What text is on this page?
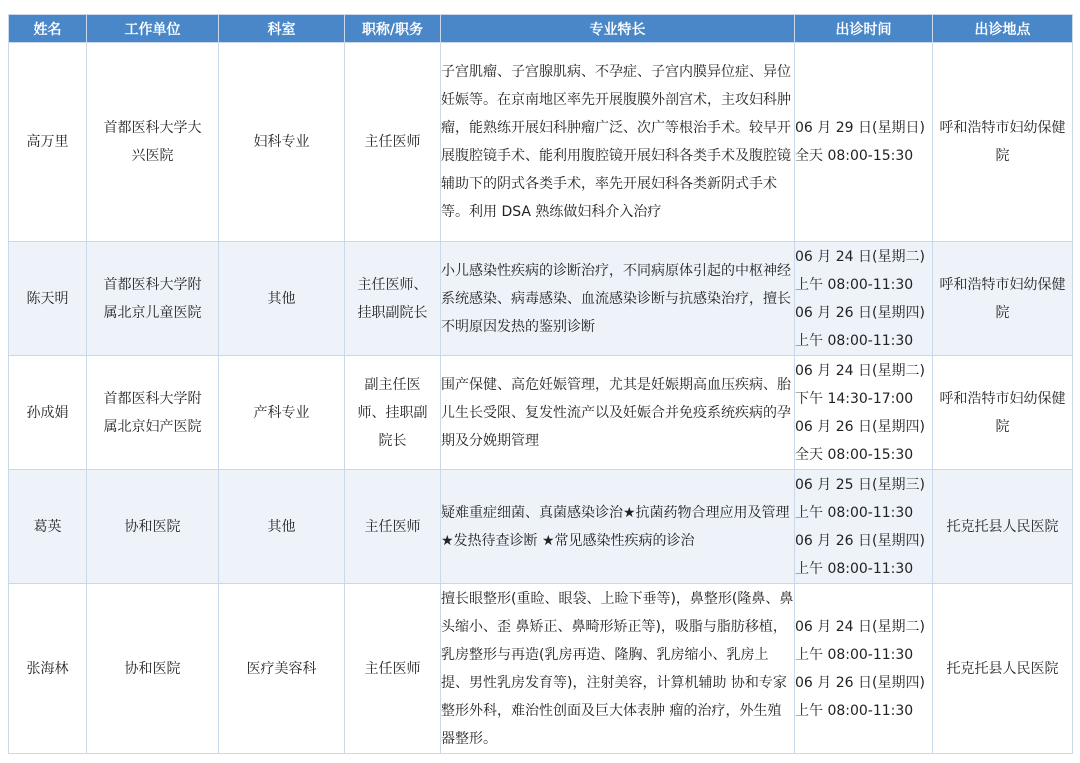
姓名	工作单位	科室	职称/职务	专业特长	出诊时间	出诊地点
高万里	首都医科大学大兴医院	妇科专业	主任医师	子宫肌瘤、子宫腺肌病、不孕症、子宫内膜异位症、异位妊娠等。在京南地区率先开展腹膜外剖宫术，主攻妇科肿瘤，能熟练开展妇科肿瘤广泛、次广等根治手术。较早开展腹腔镜手术、能利用腹腔镜开展妇科各类手术及腹腔镜辅助下的阴式各类手术，率先开展妇科各类新阴式手术等。利用 DSA 熟练做妇科介入治疗	06 月 29 日(星期日)
全天 08:00-15:30	呼和浩特市妇幼保健院
陈天明	首都医科大学附属北京儿童医院	其他	主任医师、挂职副院长	小儿感染性疾病的诊断治疗，不同病原体引起的中枢神经系统感染、病毒感染、血流感染诊断与抗感染治疗，擅长不明原因发热的鉴别诊断	06 月 24 日(星期二)
上午 08:00-11:30
06 月 26 日(星期四)
上午 08:00-11:30	呼和浩特市妇幼保健院
孙成娟	首都医科大学附属北京妇产医院	产科专业	副主任医师、挂职副院长	围产保健、高危妊娠管理，尤其是妊娠期高血压疾病、胎儿生长受限、复发性流产以及妊娠合并免疫系统疾病的孕期及分娩期管理	06 月 24 日(星期二)
下午 14:30-17:00
06 月 26 日(星期四)
全天 08:00-15:30	呼和浩特市妇幼保健院
葛英	协和医院	其他	主任医师	疑难重症细菌、真菌感染诊治★抗菌药物合理应用及管理★发热待查诊断 ★常见感染性疾病的诊治	06 月 25 日(星期三)
上午 08:00-11:30
06 月 26 日(星期四)
上午 08:00-11:30	托克托县人民医院
张海林	协和医院	医疗美容科	主任医师	擅长眼整形(重睑、眼袋、上睑下垂等)，鼻整形(隆鼻、鼻头缩小、歪 鼻矫正、鼻畸形矫正等)，吸脂与脂肪移植，乳房整形与再造(乳房再造、隆胸、乳房缩小、乳房上提、男性乳房发育等)，注射美容，计算机辅助 协和专家 整形外科，难治性创面及巨大体表肿 瘤的治疗，外生殖器整形。	06 月 24 日(星期二)
上午 08:00-11:30
06 月 26 日(星期四)
上午 08:00-11:30	托克托县人民医院
